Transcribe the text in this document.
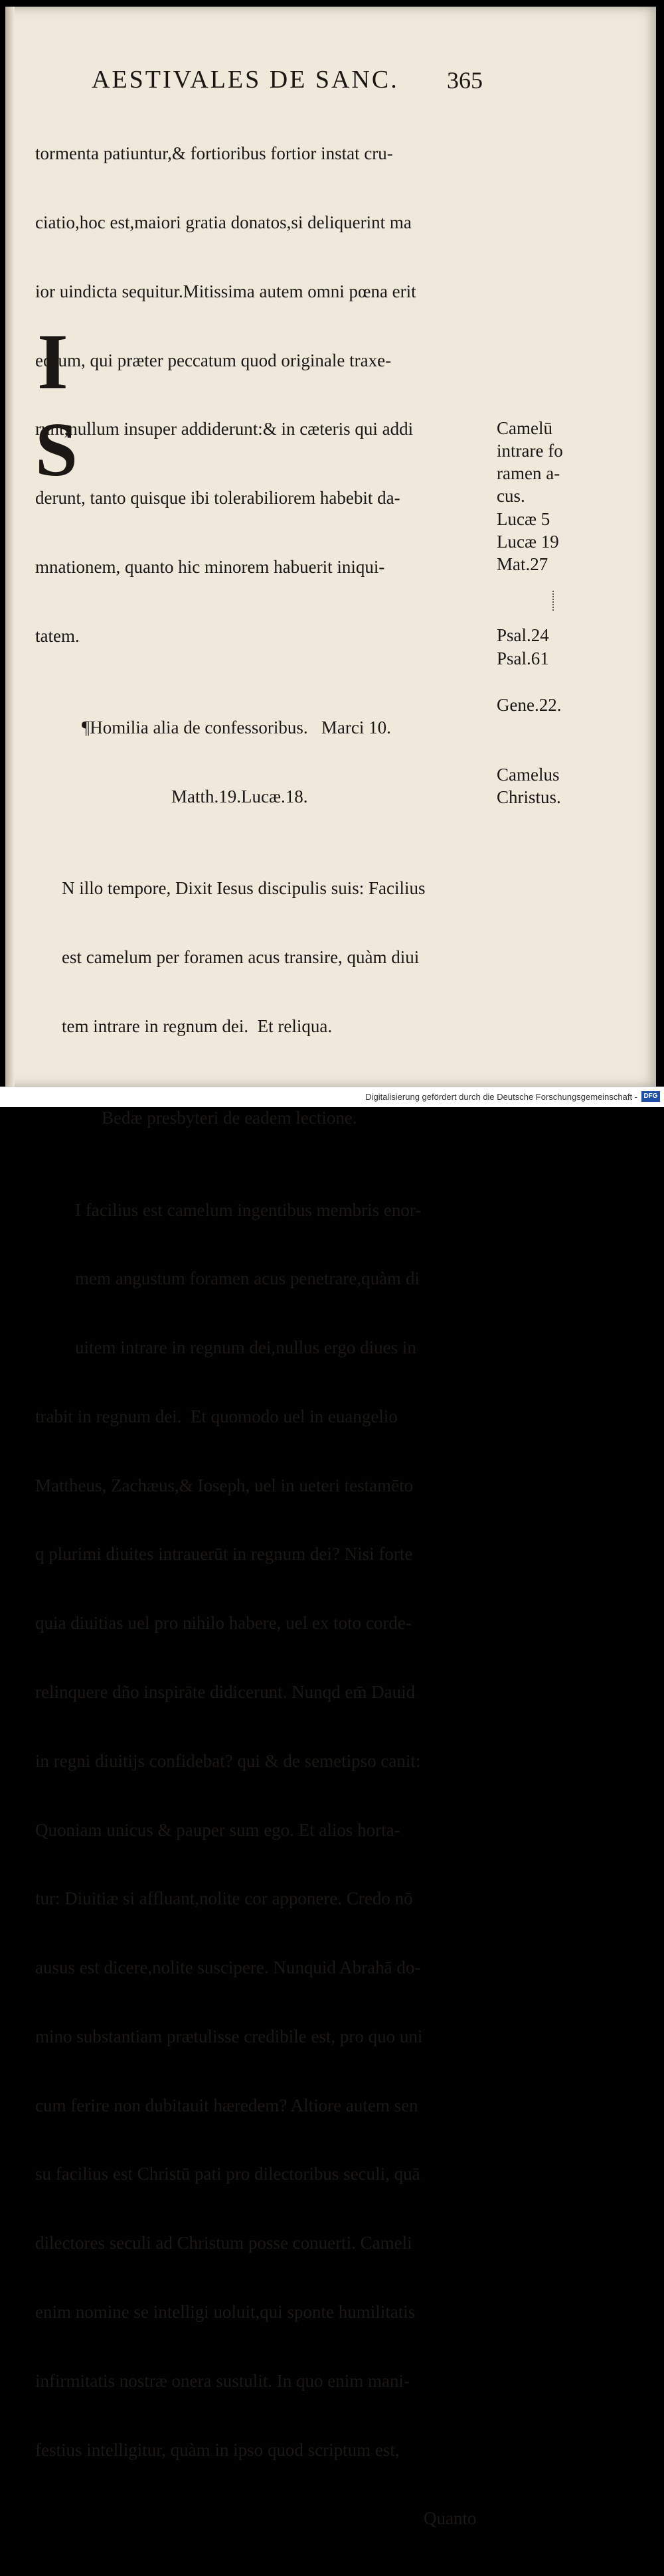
AESTIVALES DE SANC. 365

tormenta patiuntur,& fortioribus fortior instat cru-

ciatio,hoc est,maiori gratia donatos,si deliquerint ma

ior uindicta sequitur.Mitissima autem omni pœna erit

eorum, qui præter peccatum quod originale traxe-

runt,nullum insuper addiderunt:& in cæteris qui addi

derunt, tanto quisque ibi tolerabiliorem habebit da-

mnationem, quanto hic minorem habuerit iniqui-

tatem.

¶Homilia alia de confessoribus.   Marci 10.

Matth.19.Lucæ.18.

N illo tempore, Dixit Iesus discipulis suis: Facilius

est camelum per foramen acus transire, quàm diui

tem intrare in regnum dei.  Et reliqua.

Bedæ presbyteri de eadem lectione.

I facilius est camelum ingentibus membris enor-

mem angustum foramen acus penetrare,quàm di

uitem intrare in regnum dei,nullus ergo diues in

trabit in regnum dei.  Et quomodo uel in euangelio

Mattheus, Zachæus,& Ioseph, uel in ueteri testamēto

q plurimi diuites intrauerūt in regnum dei? Nisi forte

quia diuitias uel pro nihilo habere, uel ex toto corde-

relinquere dño inspirāte didicerunt. Nunqd em̄ Dauid

in regni diuitijs confidebat? qui & de semetipso canit:

Quoniam unicus & pauper sum ego. Et alios horta-

tur: Diuitiæ si affluant,nolite cor apponere. Credo nō

ausus est dicere,nolite suscipere. Nunquid Abrahā do-

mino substantiam prætulisse credibile est, pro quo uni

cum ferire non dubitauit hæredem? Altiore autem sen

su facilius est Christū pati pro dilectoribus seculi, quā

dilectores seculi ad Christum posse conuerti. Cameli

enim nomine se intelligi uoluit,qui sponte humilitatis

infirmitatis nostræ onera sustulit. In quo enim mani-

festius intelligitur, quàm in ipso quod scriptum est,

Quanto

I
S	Camelū
intrare fo
ramen a-
cus.
Lucæ 5
Lucæ 19
Mat.27
Psal.24
Psal.61
Gene.22.
Camelus
Christus.
Digitalisierung gefördert durch die Deutsche Forschungsgemeinschaft - DFG
